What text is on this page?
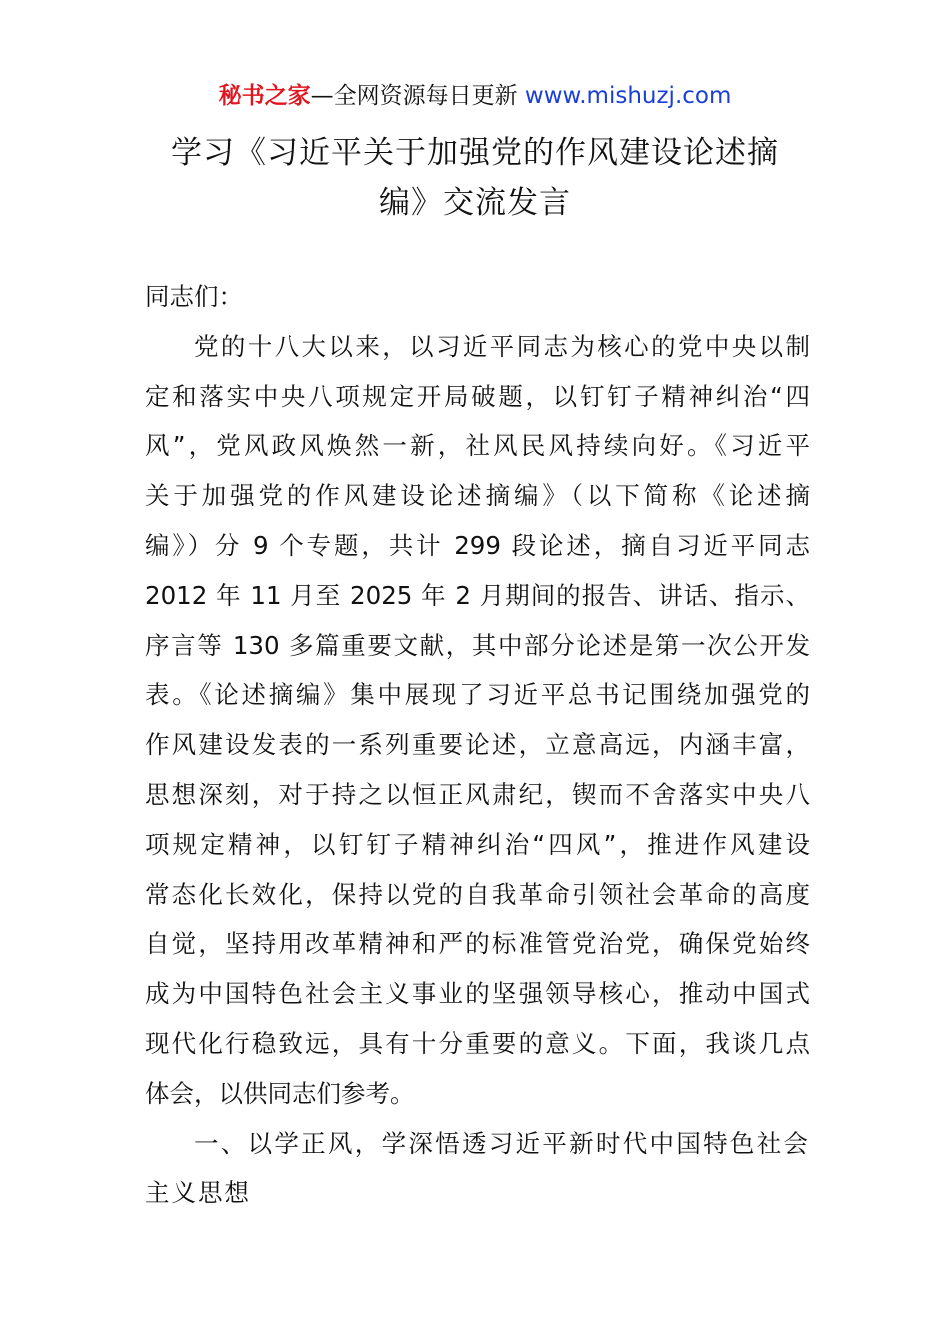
秘书之家—全网资源每日更新 www.mishuzj.com
学习《习近平关于加强党的作风建设论述摘
编》交流发言
同志们：
党的十八大以来，以习近平同志为核心的党中央以制
定和落实中央八项规定开局破题，以钉钉子精神纠治“四
风”，党风政风焕然一新，社风民风持续向好。《习近平
关于加强党的作风建设论述摘编》（以下简称《论述摘
编》）分 9 个专题，共计 299 段论述，摘自习近平同志
2012 年 11 月至 2025 年 2 月期间的报告、讲话、指示、
序言等 130 多篇重要文献，其中部分论述是第一次公开发
表。《论述摘编》集中展现了习近平总书记围绕加强党的
作风建设发表的一系列重要论述，立意高远，内涵丰富，
思想深刻，对于持之以恒正风肃纪，锲而不舍落实中央八
项规定精神，以钉钉子精神纠治“四风”，推进作风建设
常态化长效化，保持以党的自我革命引领社会革命的高度
自觉，坚持用改革精神和严的标准管党治党，确保党始终
成为中国特色社会主义事业的坚强领导核心，推动中国式
现代化行稳致远，具有十分重要的意义。下面，我谈几点
体会，以供同志们参考。
一、以学正风，学深悟透习近平新时代中国特色社会
主义思想
